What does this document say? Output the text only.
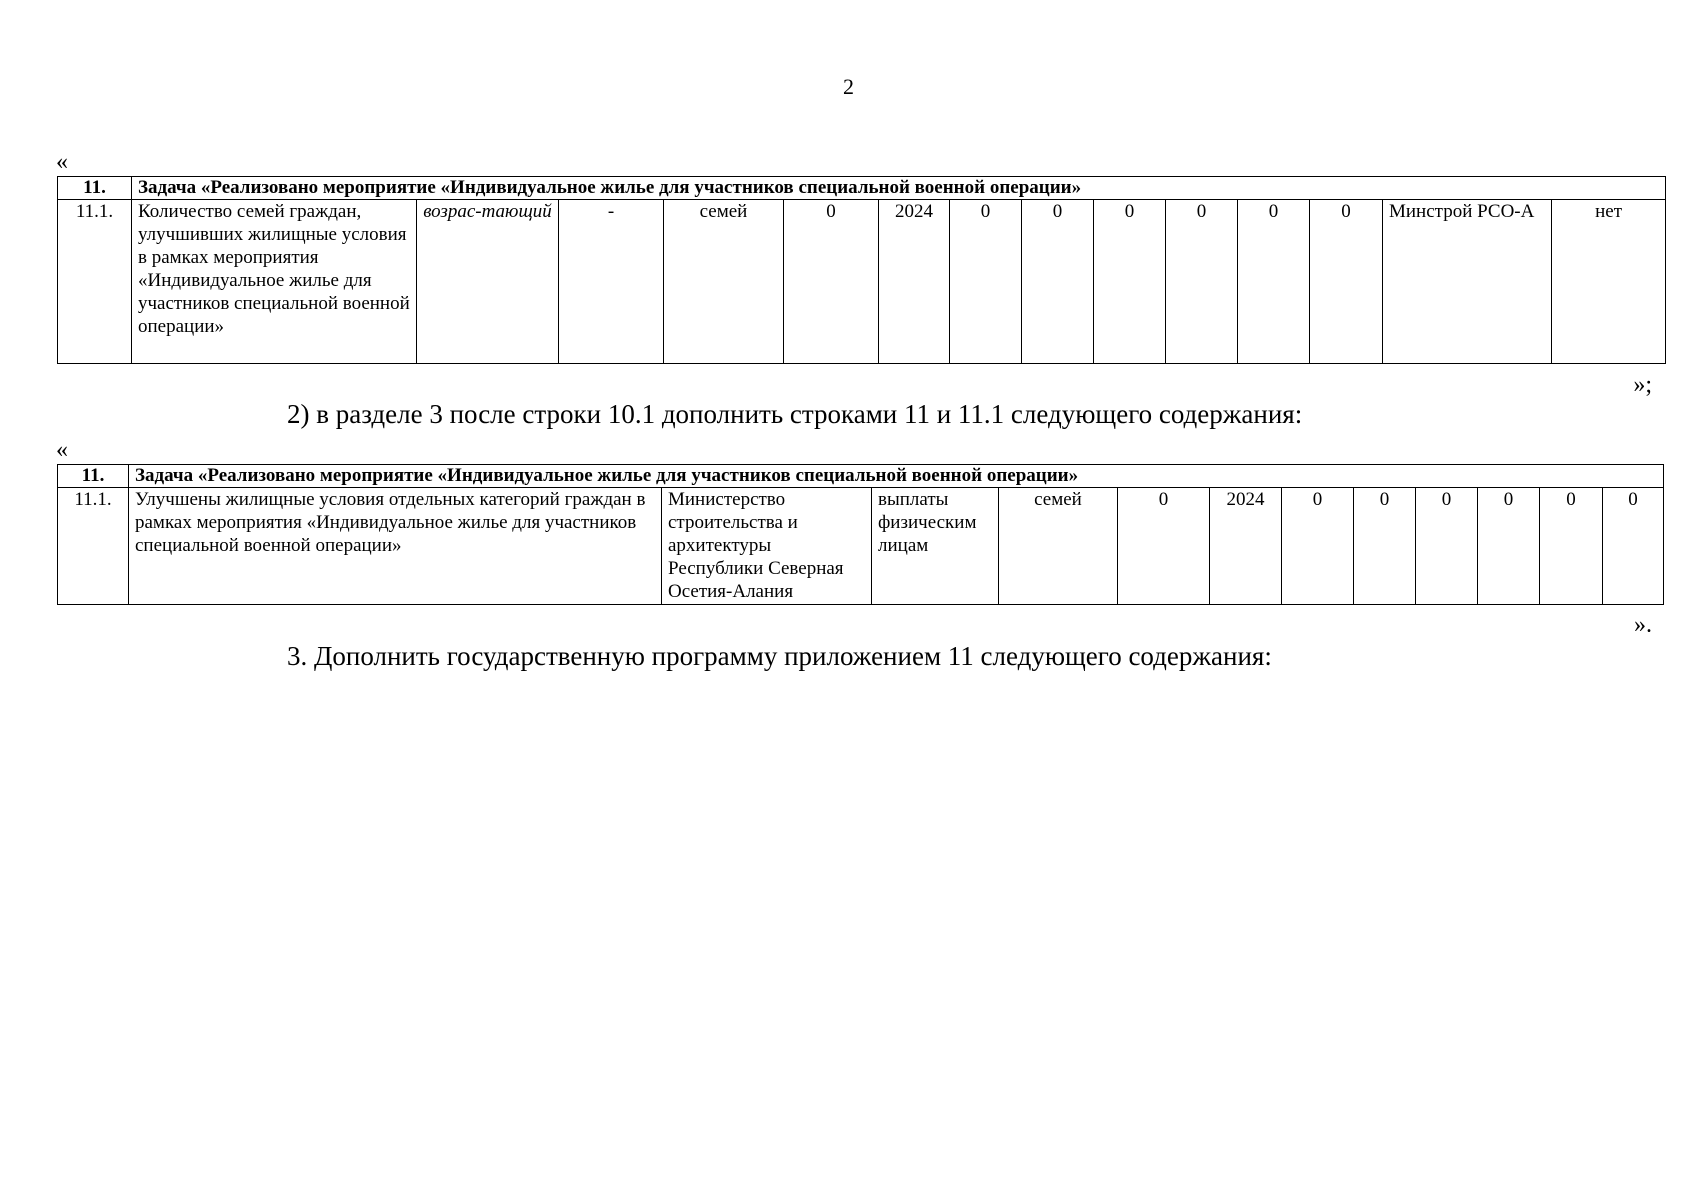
2
«
11.	Задача «Реализовано мероприятие «Индивидуальное жилье для участников специальной военной операции»													
11.1.	Количество семей граждан, улучшивших жилищные условия в рамках мероприятия «Индивидуальное жилье для участников специальной военной операции»	возрас-тающий	-	семей	0	2024	0	0	0	0	0	0	Минстрой РСО-А	нет
»;
2) в разделе 3 после строки 10.1 дополнить строками 11 и 11.1 следующего содержания:
«
11.	Задача «Реализовано мероприятие «Индивидуальное жилье для участников специальной военной операции»											
11.1.	Улучшены жилищные условия отдельных категорий граждан в рамках мероприятия «Индивидуальное жилье для участников специальной военной операции»	Министерство строительства и архитектуры Республики Северная Осетия-Алания	выплаты физическим лицам	семей	0	2024	0	0	0	0	0	0
».
3. Дополнить государственную программу приложением 11 следующего содержания:
